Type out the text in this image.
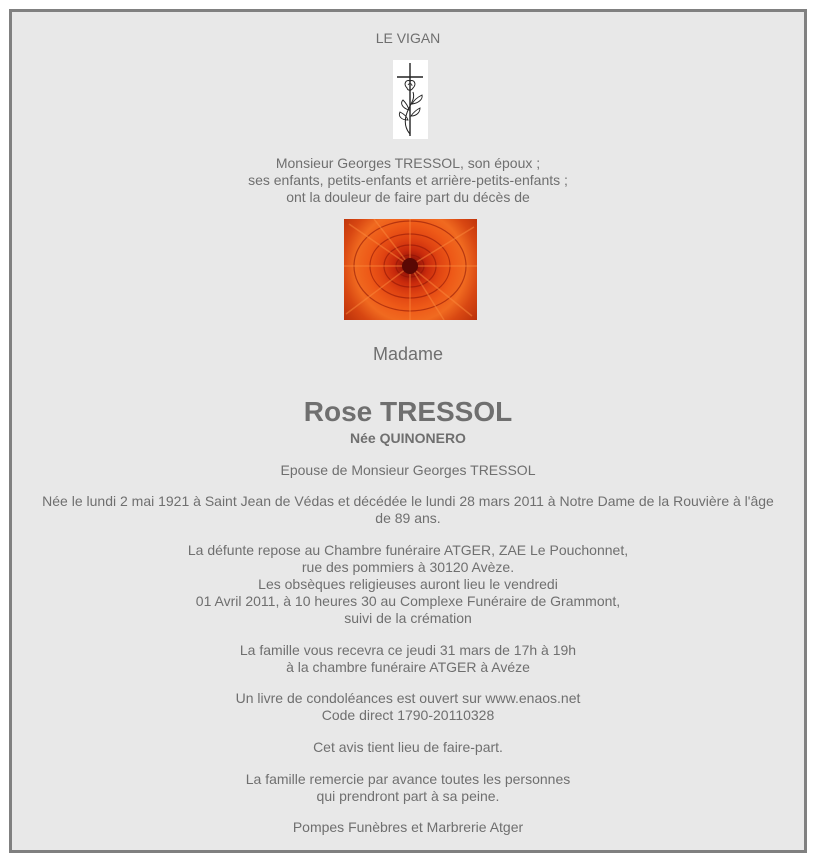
LE VIGAN
Monsieur Georges TRESSOL, son époux ;
ses enfants, petits-enfants et arrière-petits-enfants ;
ont la douleur de faire part du décès de
Madame
Rose TRESSOL
Née QUINONERO
Epouse de Monsieur Georges TRESSOL
Née le lundi 2 mai 1921 à Saint Jean de Védas et décédée le lundi 28 mars 2011 à Notre Dame de la Rouvière à l'âge
de 89 ans.
La défunte repose au Chambre funéraire ATGER, ZAE Le Pouchonnet,
rue des pommiers à 30120 Avèze.
Les obsèques religieuses auront lieu le vendredi
01 Avril 2011, à 10 heures 30 au Complexe Funéraire de Grammont,
suivi de la crémation
La famille vous recevra ce jeudi 31 mars de 17h à 19h
à la chambre funéraire ATGER à Avéze
Un livre de condoléances est ouvert sur www.enaos.net
Code direct 1790-20110328
Cet avis tient lieu de faire-part.
La famille remercie par avance toutes les personnes
qui prendront part à sa peine.
Pompes Funèbres et Marbrerie Atger
